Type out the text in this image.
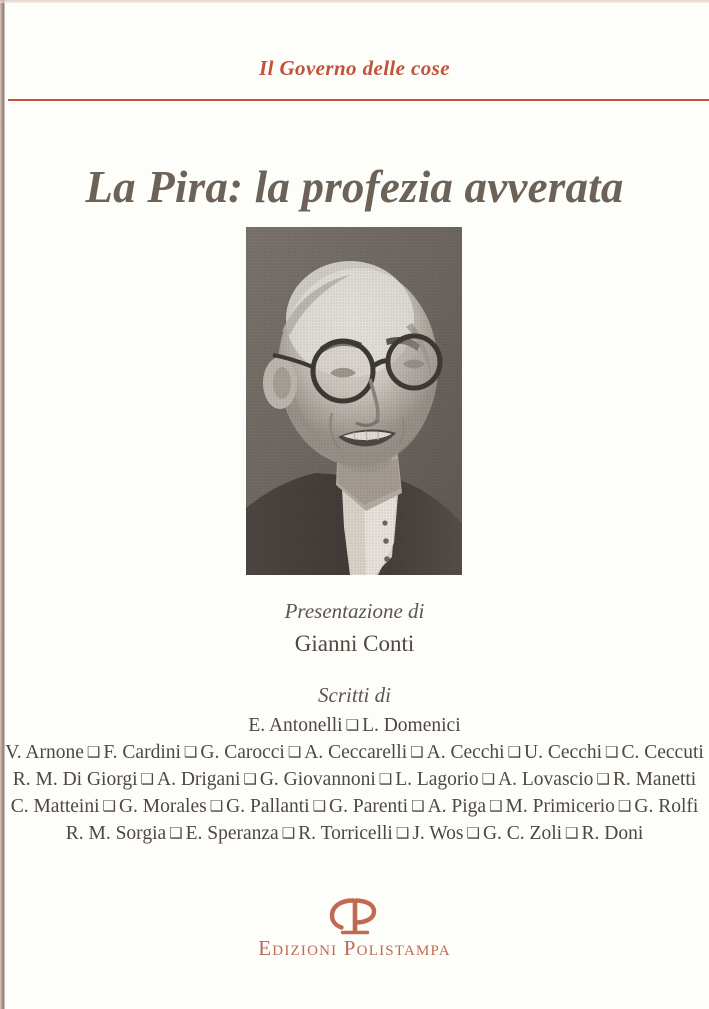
Il Governo delle cose
La Pira: la profezia avverata
Presentazione di
Gianni Conti
Scritti di
E. Antonelli ❑ L. Domenici
V. Arnone ❑ F. Cardini ❑ G. Carocci ❑ A. Ceccarelli ❑ A. Cecchi ❑ U. Cecchi ❑ C. Ceccuti
R. M. Di Giorgi ❑ A. Drigani ❑ G. Giovannoni ❑ L. Lagorio ❑ A. Lovascio ❑ R. Manetti
C. Matteini ❑ G. Morales ❑ G. Pallanti ❑ G. Parenti ❑ A. Piga ❑ M. Primicerio ❑ G. Rolfi
R. M. Sorgia ❑ E. Speranza ❑ R. Torricelli ❑ J. Wos ❑ G. C. Zoli ❑ R. Doni
Edizioni Polistampa
